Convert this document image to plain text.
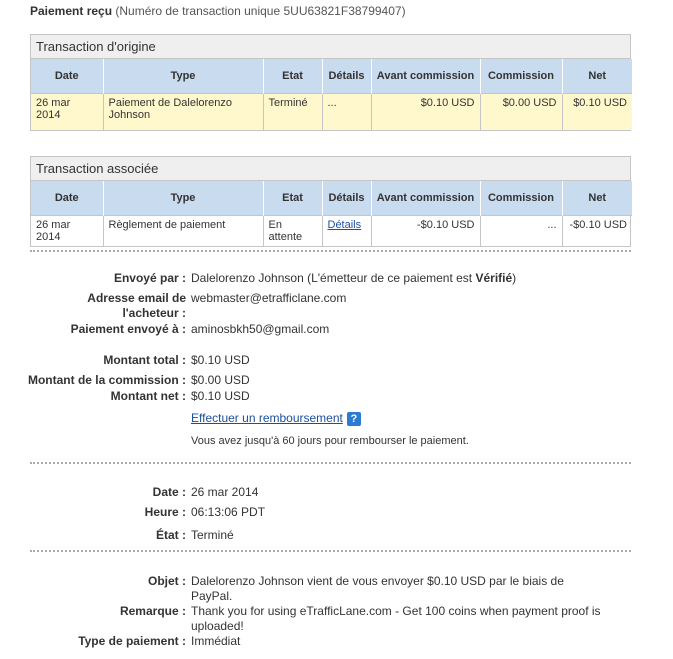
Paiement reçu (Numéro de transaction unique 5UU63821F38799407)
Transaction d'origine
Date	Type	Etat	Détails	Avant commission	Commission	Net
26 mar 2014	Paiement de Dalelorenzo Johnson	Terminé	...	$0.10 USD	$0.00 USD	$0.10 USD
Transaction associée
Date	Type	Etat	Détails	Avant commission	Commission	Net
26 mar 2014	Règlement de paiement	En attente	Détails	-$0.10 USD	...	-$0.10 USD
Envoyé par : Dalelorenzo Johnson (L'émetteur de ce paiement est Vérifié)
Adresse email de
l'acheteur :
webmaster@etrafficlane.com
Paiement envoyé à : aminosbkh50@gmail.com
Montant total : $0.10 USD
Montant de la commission : $0.00 USD
Montant net : $0.10 USD
Effectuer un remboursement ?
Vous avez jusqu'à 60 jours pour rembourser le paiement.
Date : 26 mar 2014
Heure : 06:13:06 PDT
État : Terminé
Objet : Dalelorenzo Johnson vient de vous envoyer $0.10 USD par le biais de PayPal.
Remarque : Thank you for using eTrafficLane.com - Get 100 coins when payment proof is uploaded!
Type de paiement : Immédiat
